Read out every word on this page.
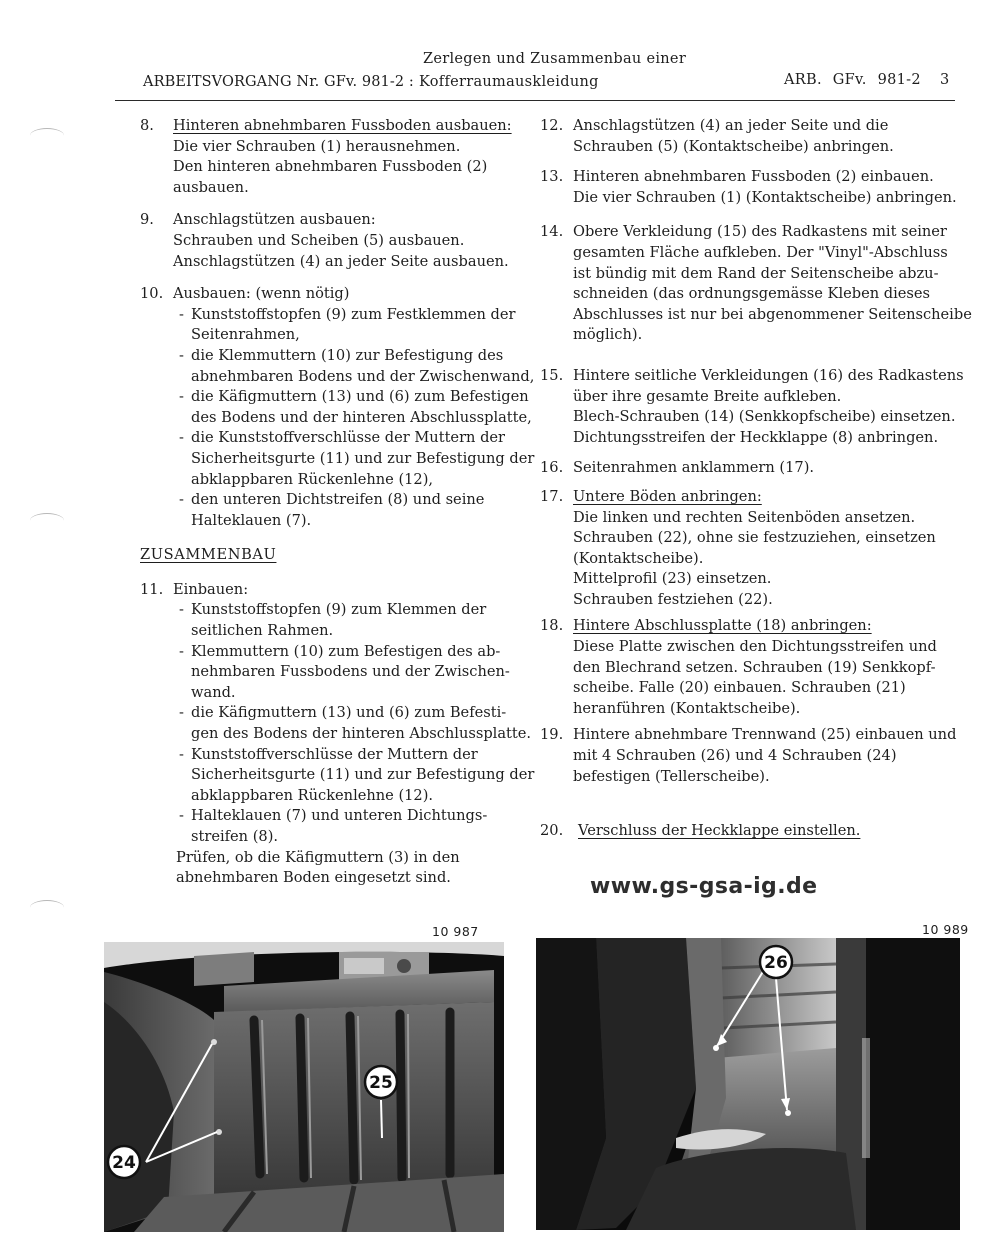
Zerlegen und Zusammenbau einer
ARBEITSVORGANG Nr. GFv. 981-2 : Kofferraumauskleidung	ARB. GFv. 981-2 3
8. Hinteren abnehmbaren Fussboden ausbauen:
Die vier Schrauben (1) herausnehmen.
Den hinteren abnehmbaren Fussboden (2)
ausbauen.
9. Anschlagstützen ausbauen:
Schrauben und Scheiben (5) ausbauen.
Anschlagstützen (4) an jeder Seite ausbauen.
10. Ausbauen: (wenn nötig)
- Kunststoffstopfen (9) zum Festklemmen der
Seitenrahmen,
- die Klemmuttern (10) zur Befestigung des
abnehmbaren Bodens und der Zwischenwand,
- die Käfigmuttern (13) und (6) zum Befestigen
des Bodens und der hinteren Abschlussplatte,
- die Kunststoffverschlüsse der Muttern der
Sicherheitsgurte (11) und zur Befestigung der
abklappbaren Rückenlehne (12),
- den unteren Dichtstreifen (8) und seine
Halteklauen (7).
ZUSAMMENBAU
11. Einbauen:
- Kunststoffstopfen (9) zum Klemmen der
seitlichen Rahmen.
- Klemmuttern (10) zum Befestigen des ab-
nehmbaren Fussbodens und der Zwischen-
wand.
- die Käfigmuttern (13) und (6) zum Befesti-
gen des Bodens der hinteren Abschlussplatte.
- Kunststoffverschlüsse der Muttern der
Sicherheitsgurte (11) und zur Befestigung der
abklappbaren Rückenlehne (12).
- Halteklauen (7) und unteren Dichtungs-
streifen (8).
Prüfen, ob die Käfigmuttern (3) in den
abnehmbaren Boden eingesetzt sind.
12. Anschlagstützen (4) an jeder Seite und die
Schrauben (5) (Kontaktscheibe) anbringen.
13. Hinteren abnehmbaren Fussboden (2) einbauen.
Die vier Schrauben (1) (Kontaktscheibe) anbringen.
14. Obere Verkleidung (15) des Radkastens mit seiner
gesamten Fläche aufkleben. Der "Vinyl"-Abschluss
ist bündig mit dem Rand der Seitenscheibe abzu-
schneiden (das ordnungsgemässe Kleben dieses
Abschlusses ist nur bei abgenommener Seitenscheibe
möglich).
15. Hintere seitliche Verkleidungen (16) des Radkastens
über ihre gesamte Breite aufkleben.
Blech-Schrauben (14) (Senkkopfscheibe) einsetzen.
Dichtungsstreifen der Heckklappe (8) anbringen.
16. Seitenrahmen anklammern (17).
17. Untere Böden anbringen:
Die linken und rechten Seitenböden ansetzen.
Schrauben (22), ohne sie festzuziehen, einsetzen
(Kontaktscheibe).
Mittelprofil (23) einsetzen.
Schrauben festziehen (22).
18. Hintere Abschlussplatte (18) anbringen:
Diese Platte zwischen den Dichtungsstreifen und
den Blechrand setzen. Schrauben (19) Senkkopf-
scheibe. Falle (20) einbauen. Schrauben (21)
heranführen (Kontaktscheibe).
19. Hintere abnehmbare Trennwand (25) einbauen und
mit 4 Schrauben (26) und 4 Schrauben (24)
befestigen (Tellerscheibe).
20. Verschluss der Heckklappe einstellen.
www.gs-gsa-ig.de
10 987	10 989
25
24
26
